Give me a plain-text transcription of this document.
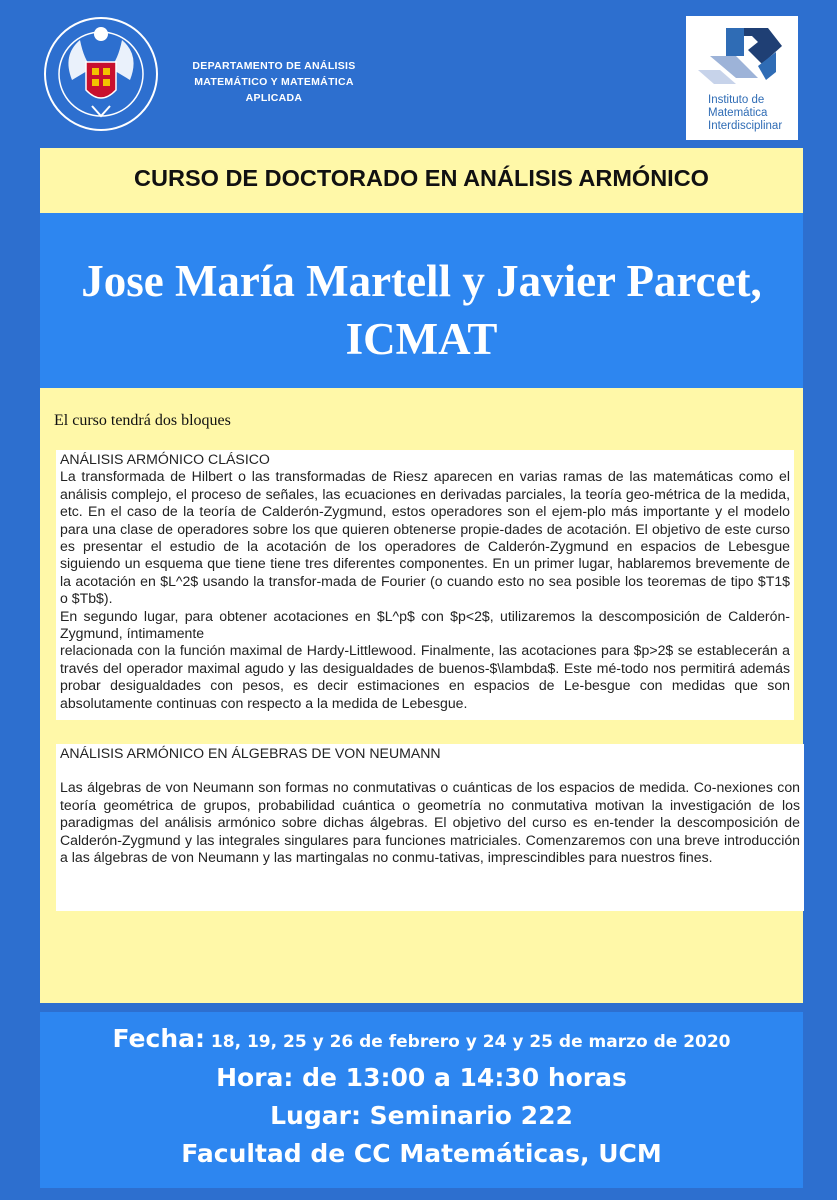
DEPARTAMENTO DE ANÁLISIS MATEMÁTICO Y MATEMÁTICA APLICADA	Instituto de Matemática Interdisciplinar
CURSO DE DOCTORADO EN ANÁLISIS ARMÓNICO
Jose María Martell y Javier Parcet, ICMAT
El curso tendrá dos bloques
ANÁLISIS ARMÓNICO CLÁSICO
La transformada de Hilbert o las transformadas de Riesz aparecen en varias ramas de las matemáticas como el análisis complejo, el proceso de señales, las ecuaciones en derivadas parciales, la teoría geo-métrica de la medida, etc. En el caso de la teoría de Calderón-Zygmund, estos operadores son el ejem-plo más importante y el modelo para una clase de operadores sobre los que quieren obtenerse propie-dades de acotación. El objetivo de este curso es presentar el estudio de la acotación de los operadores de Calderón-Zygmund en espacios de Lebesgue siguiendo un esquema que tiene tiene tres diferentes componentes. En un primer lugar, hablaremos brevemente de la acotación en $L^2$ usando la transfor-mada de Fourier (o cuando esto no sea posible los teoremas de tipo $T1$ o $Tb$).
En segundo lugar, para obtener acotaciones en $L^p$ con $p<2$, utilizaremos la descomposición de Calderón-Zygmund, íntimamente
relacionada con la función maximal de Hardy-Littlewood. Finalmente, las acotaciones para $p>2$ se establecerán a través del operador maximal agudo y las desigualdades de buenos-$\lambda$. Este mé-todo nos permitirá además probar desigualdades con pesos, es decir estimaciones en espacios de Le-besgue con medidas que son absolutamente continuas con respecto a la medida de Lebesgue.
ANÁLISIS ARMÓNICO EN ÁLGEBRAS DE VON NEUMANN
Las álgebras de von Neumann son formas no conmutativas o cuánticas de los espacios de medida. Co-nexiones con teoría geométrica de grupos, probabilidad cuántica o geometría no conmutativa motivan la investigación de los paradigmas del análisis armónico sobre dichas álgebras. El objetivo del curso es en-tender la descomposición de Calderón-Zygmund y las integrales singulares para funciones matriciales. Comenzaremos con una breve introducción a las álgebras de von Neumann y las martingalas no conmu-tativas, imprescindibles para nuestros fines.
Fecha: 18, 19, 25 y 26 de febrero y 24 y 25 de marzo de 2020
Hora: de 13:00 a 14:30 horas
Lugar: Seminario 222
Facultad de CC Matemáticas, UCM
